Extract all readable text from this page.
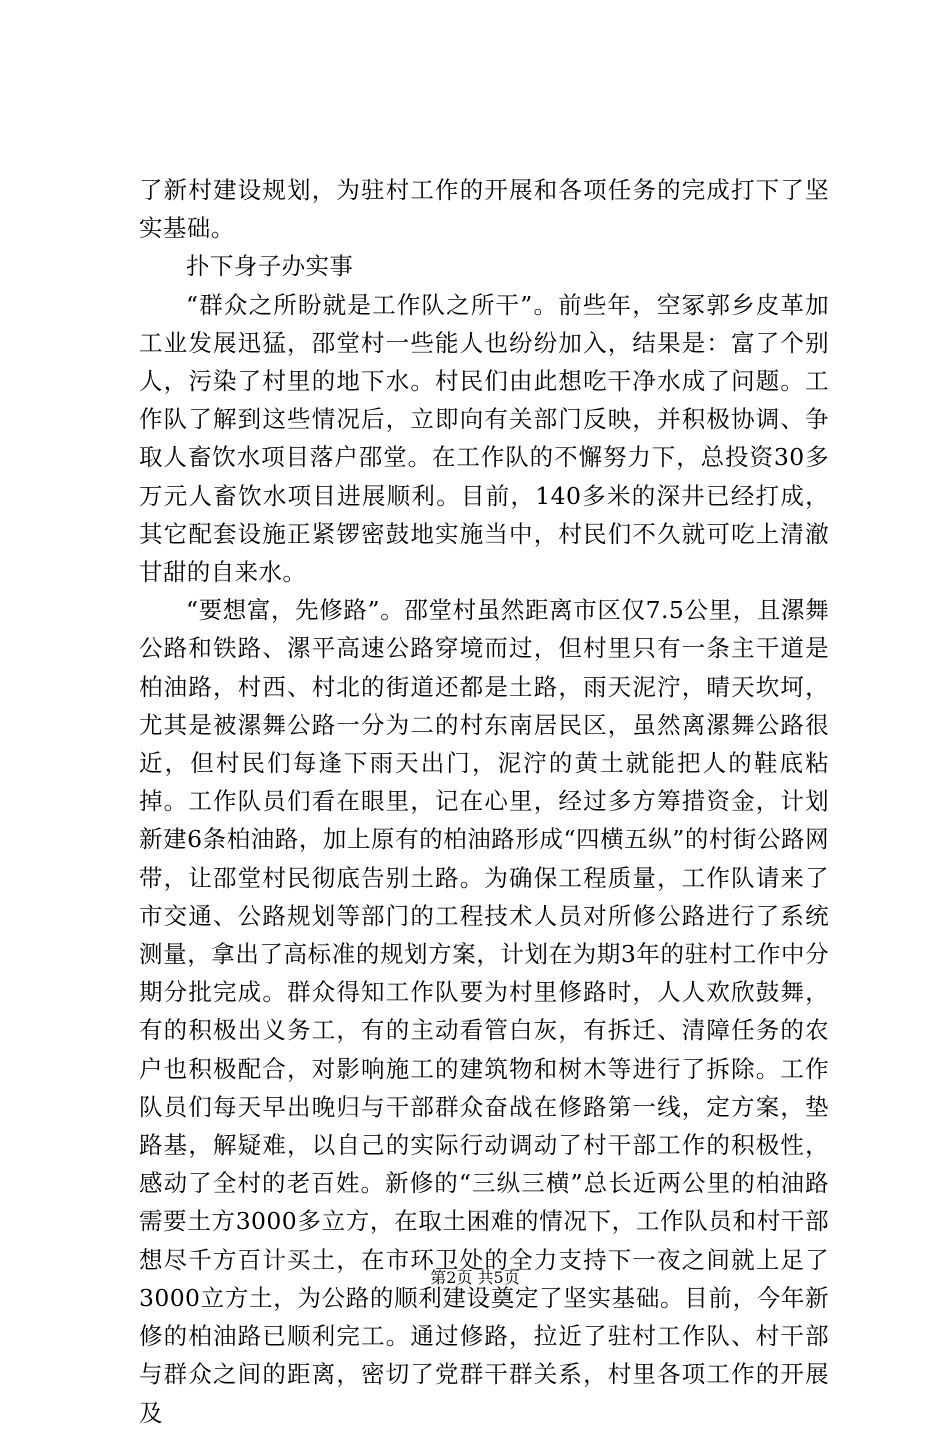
了新村建设规划，为驻村工作的开展和各项任务的完成打下了坚实基础。

扑下身子办实事

“群众之所盼就是工作队之所干”。前些年，空冢郭乡皮革加工业发展迅猛，邵堂村一些能人也纷纷加入，结果是：富了个别人，污染了村里的地下水。村民们由此想吃干净水成了问题。工作队了解到这些情况后，立即向有关部门反映，并积极协调、争取人畜饮水项目落户邵堂。在工作队的不懈努力下，总投资30多万元人畜饮水项目进展顺利。目前，140多米的深井已经打成，其它配套设施正紧锣密鼓地实施当中，村民们不久就可吃上清澈甘甜的自来水。

“要想富，先修路”。邵堂村虽然距离市区仅7.5公里，且漯舞公路和铁路、漯平高速公路穿境而过，但村里只有一条主干道是柏油路，村西、村北的街道还都是土路，雨天泥泞，晴天坎坷，尤其是被漯舞公路一分为二的村东南居民区，虽然离漯舞公路很近，但村民们每逢下雨天出门，泥泞的黄土就能把人的鞋底粘掉。工作队员们看在眼里，记在心里，经过多方筹措资金，计划新建6条柏油路，加上原有的柏油路形成“四横五纵”的村街公路网带，让邵堂村民彻底告别土路。为确保工程质量，工作队请来了市交通、公路规划等部门的工程技术人员对所修公路进行了系统测量，拿出了高标准的规划方案，计划在为期3年的驻村工作中分期分批完成。群众得知工作队要为村里修路时，人人欢欣鼓舞，有的积极出义务工，有的主动看管白灰，有拆迁、清障任务的农户也积极配合，对影响施工的建筑物和树木等进行了拆除。工作队员们每天早出晚归与干部群众奋战在修路第一线，定方案，垫路基，解疑难，以自己的实际行动调动了村干部工作的积极性，感动了全村的老百姓。新修的“三纵三横”总长近两公里的柏油路需要土方3000多立方，在取土困难的情况下，工作队员和村干部想尽千方百计买土，在市环卫处的全力支持下一夜之间就上足了3000立方土，为公路的顺利建设奠定了坚实基础。目前，今年新修的柏油路已顺利完工。通过修路，拉近了驻村工作队、村干部与群众之间的距离，密切了党群干群关系，村里各项工作的开展及

第2页 共5页
